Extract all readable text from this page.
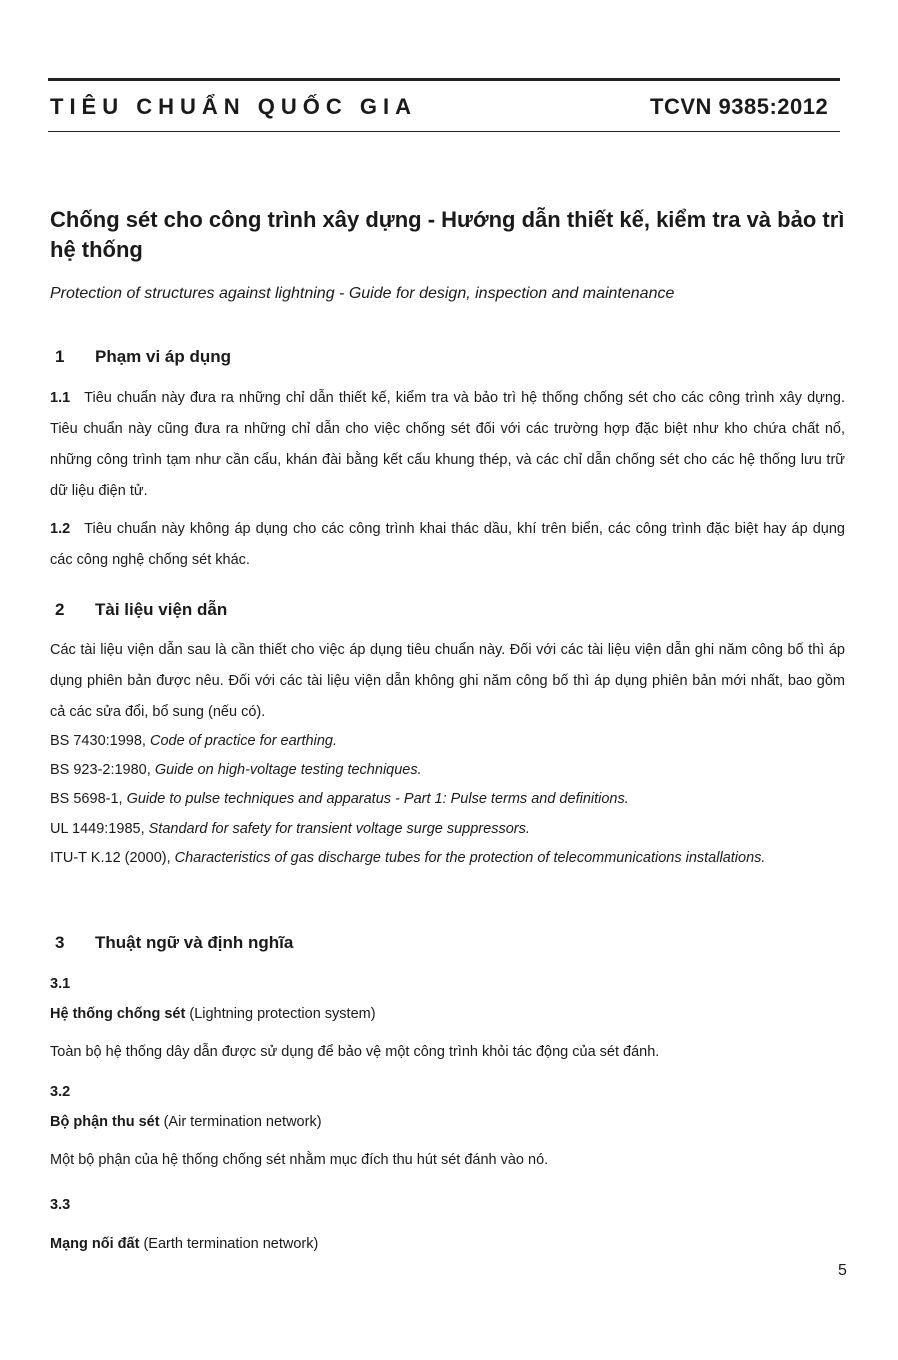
TIÊU CHUẨN QUỐC GIA	TCVN 9385:2012
Chống sét cho công trình xây dựng - Hướng dẫn thiết kế, kiểm tra và bảo trì hệ thống
Protection of structures against lightning - Guide for design, inspection and maintenance
1 Phạm vi áp dụng
1.1 Tiêu chuẩn này đưa ra những chỉ dẫn thiết kế, kiểm tra và bảo trì hệ thống chống sét cho các công trình xây dựng. Tiêu chuẩn này cũng đưa ra những chỉ dẫn cho việc chống sét đối với các trường hợp đặc biệt như kho chứa chất nổ, những công trình tạm như cần cẩu, khán đài bằng kết cấu khung thép, và các chỉ dẫn chống sét cho các hệ thống lưu trữ dữ liệu điện tử.
1.2 Tiêu chuẩn này không áp dụng cho các công trình khai thác dầu, khí trên biển, các công trình đặc biệt hay áp dụng các công nghệ chống sét khác.
2 Tài liệu viện dẫn
Các tài liệu viện dẫn sau là cần thiết cho việc áp dụng tiêu chuẩn này. Đối với các tài liệu viện dẫn ghi năm công bố thì áp dụng phiên bản được nêu. Đối với các tài liệu viện dẫn không ghi năm công bố thì áp dụng phiên bản mới nhất, bao gồm cả các sửa đổi, bổ sung (nếu có).
BS 7430:1998, Code of practice for earthing.
BS 923-2:1980, Guide on high-voltage testing techniques.
BS 5698-1, Guide to pulse techniques and apparatus - Part 1: Pulse terms and definitions.
UL 1449:1985, Standard for safety for transient voltage surge suppressors.
ITU-T K.12 (2000), Characteristics of gas discharge tubes for the protection of telecommunications installations.
3 Thuật ngữ và định nghĩa
3.1
Hệ thống chống sét (Lightning protection system)
Toàn bộ hệ thống dây dẫn được sử dụng để bảo vệ một công trình khỏi tác động của sét đánh.
3.2
Bộ phận thu sét (Air termination network)
Một bộ phận của hệ thống chống sét nhằm mục đích thu hút sét đánh vào nó.
3.3
Mạng nối đất (Earth termination network)
5
